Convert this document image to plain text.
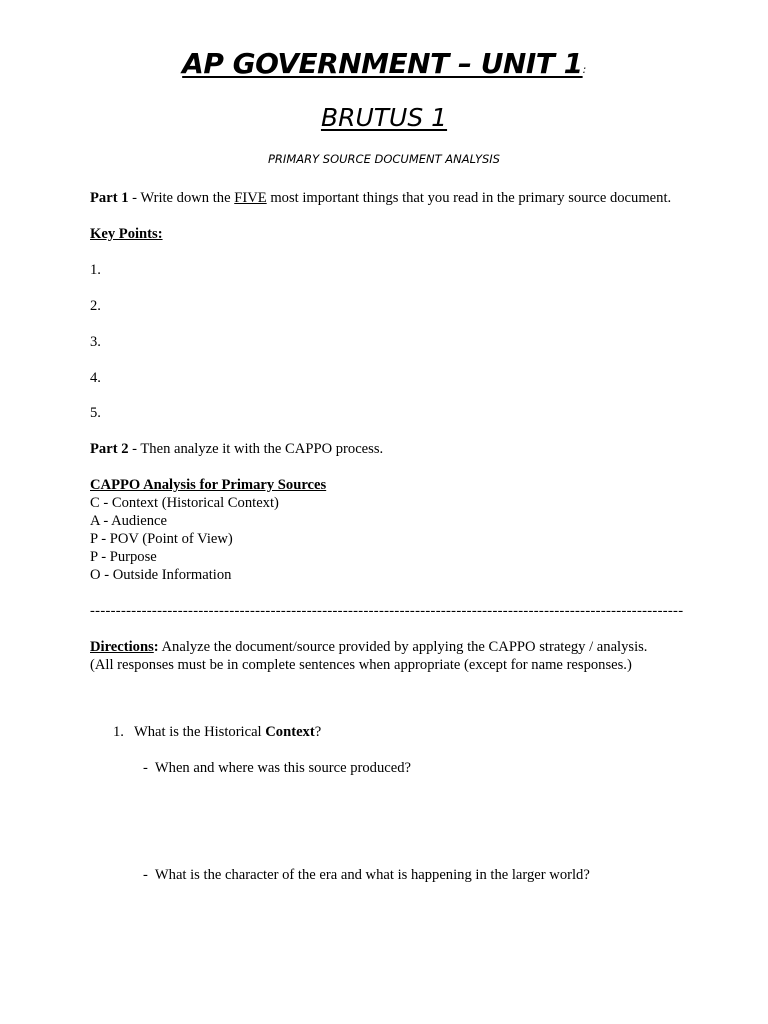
AP GOVERNMENT – UNIT 1:
BRUTUS 1
PRIMARY SOURCE DOCUMENT ANALYSIS
Part 1 - Write down the FIVE most important things that you read in the primary source document.
Key Points:
1.
2.
3.
4.
5.
Part 2 - Then analyze it with the CAPPO process.
CAPPO Analysis for Primary Sources
C - Context (Historical Context)
A - Audience
P - POV (Point of View)
P - Purpose
O - Outside Information
-------------------------------------------------------------------------------------------------------------------
Directions: Analyze the document/source provided by applying the CAPPO strategy / analysis.
(All responses must be in complete sentences when appropriate (except for name responses.)
1. What is the Historical Context?
- When and where was this source produced?
- What is the character of the era and what is happening in the larger world?
